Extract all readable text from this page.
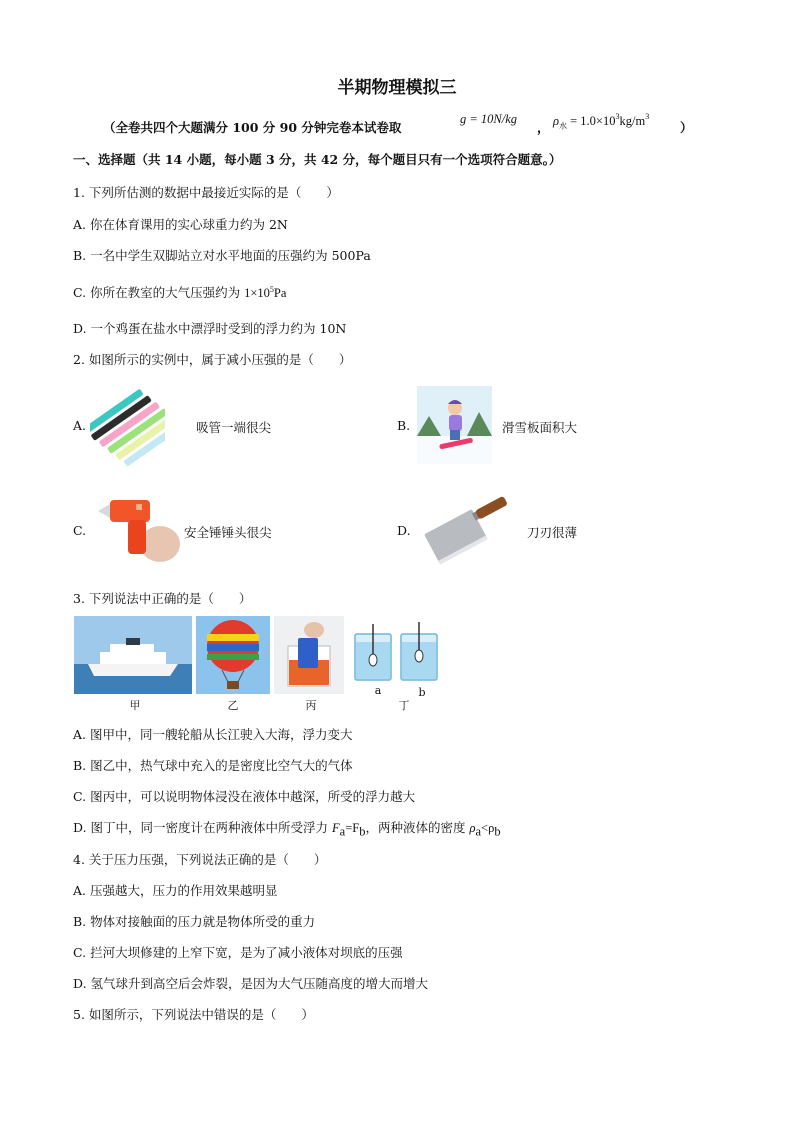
半期物理模拟三
（全卷共四个大题满分 100 分 90 分钟完卷本试卷取
g = 10N/kg
， $\rho_水 = 1.0\times 10^3kg/m^3$
）
一、选择题（共 14 小题，每小题 3 分，共 42 分，每个题目只有一个选项符合题意。）
1. 下列所估测的数据中最接近实际的是（　　）
A. 你在体育课用的实心球重力约为 2N
B. 一名中学生双脚站立对水平地面的压强约为 500Pa
C. 你所在教室的大气压强约为 $1\times 10^5Pa$
D. 一个鸡蛋在盐水中漂浮时受到的浮力约为 10N
2. 如图所示的实例中，属于减小压强的是（　　）
A.	吸管一端很尖	B.	滑雪板面积大
C.	安全锤锤头很尖	D.	刀刃很薄
3. 下列说法中正确的是（　　）
a	b
甲	乙	丙	丁
A. 图甲中，同一艘轮船从长江驶入大海，浮力变大
B. 图乙中，热气球中充入的是密度比空气大的气体
C. 图丙中，可以说明物体浸没在液体中越深，所受的浮力越大
D. 图丁中，同一密度计在两种液体中所受浮力 $F_a=F_b$，两种液体的密度 $\rho_a<\rho_b$
4. 关于压力压强，下列说法正确的是（　　）
A. 压强越大，压力的作用效果越明显
B. 物体对接触面的压力就是物体所受的重力
C. 拦河大坝修建的上窄下宽，是为了减小液体对坝底的压强
D. 氢气球升到高空后会炸裂，是因为大气压随高度的增大而增大
5. 如图所示，下列说法中错误的是（　　）
